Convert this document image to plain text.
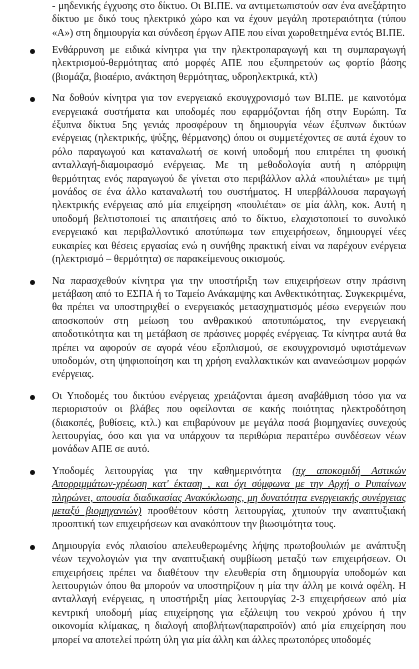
- μηδενικής έγχυσης στο δίκτυο. Οι ΒΙ.ΠΕ. να αντιμετωπιστούν σαν ένα ανεξάρτητο δίκτυο με δικό τους ηλεκτρικό χώρο και να έχουν μεγάλη προτεραιότητα (τύπου «Α») στη δημιουργία και σύνδεση έργων ΑΠΕ που είναι χωροθετημένα εντός ΒΙ.ΠΕ.
Ενθάρρυνση με ειδικά κίνητρα για την ηλεκτροπαραγωγή και τη συμπαραγωγή ηλεκτρισμού-θερμότητας από μορφές ΑΠΕ που εξυπηρετούν ως φορτίο βάσης (βιομάζα, βιοαέριο, ανάκτηση θερμότητας, υδροηλεκτρικά, κτλ)
Να δοθούν κίνητρα για τον ενεργειακό εκσυγχρονισμό των ΒΙ.ΠΕ. με καινοτόμα ενεργειακά συστήματα και υποδομές που εφαρμόζονται ήδη στην Ευρώπη. Τα έξυπνα δίκτυα 5ης γενιάς προσφέρουν τη δημιουργία νέων έξυπνων δικτύων ενέργειας (ηλεκτρικής, ψύξης, θέρμανσης) όπου οι συμμετέχοντες σε αυτά έχουν το ρόλο παραγωγού και καταναλωτή σε κοινή υποδομή που επιτρέπει τη φυσική ανταλλαγή-διαμοιρασμό ενέργειας. Με τη μεθοδολογία αυτή η απόρριψη θερμότητας ενός παραγωγού δε γίνεται στο περιβάλλον αλλά «πουλιέται» με τιμή μονάδος σε ένα άλλο καταναλωτή του συστήματος. Η υπερβάλλουσα παραγωγή ηλεκτρικής ενέργειας από μία επιχείρηση «πουλιέται» σε μία άλλη, κοκ. Αυτή η υποδομή βελτιστοποιεί τις απαιτήσεις από το δίκτυο, ελαχιστοποιεί το συνολικό ενεργειακό και περιβαλλοντικό αποτύπωμα των επιχειρήσεων, δημιουργεί νέες ευκαιρίες και θέσεις εργασίας ενώ η συνήθης πρακτική είναι να παρέχουν ενέργεια (ηλεκτρισμό – θερμότητα) σε παρακείμενους οικισμούς.
Να παρασχεθούν κίνητρα για την υποστήριξη των επιχειρήσεων στην πράσινη μετάβαση από το ΕΣΠΑ ή το Ταμείο Ανάκαμψης και Ανθεκτικότητας. Συγκεκριμένα, θα πρέπει να υποστηριχθεί ο ενεργειακός μετασχηματισμός μέσω ενεργειών που αποσκοπούν στη μείωση του ανθρακικού αποτυπώματος, την ενεργειακή αποδοτικότητα και τη μετάβαση σε πράσινες μορφές ενέργειας. Τα κίνητρα αυτά θα πρέπει να αφορούν σε αγορά νέου εξοπλισμού, σε εκσυγχρονισμό υφιστάμενων υποδομών, στη ψηφιοποίηση και τη χρήση εναλλακτικών και ανανεώσιμων μορφών ενέργειας.
Οι Υποδομές του δικτύου ενέργειας χρειάζονται άμεση αναβάθμιση τόσο για να περιοριστούν οι βλάβες που οφείλονται σε κακής ποιότητας ηλεκτροδότηση (διακοπές, βυθίσεις, κτλ.) και επιβαρύνουν με μεγάλα ποσά βιομηχανίες συνεχούς λειτουργίας, όσο και για να υπάρχουν τα περιθώρια περαιτέρω συνδέσεων νέων μονάδων ΑΠΕ σε αυτό.
Υποδομές λειτουργίας για την καθημερινότητα (πχ αποκομιδή Αστικών Απορριμμάτων-χρέωση κατ' έκταση , και όχι σύμφωνα με την Αρχή ο Ρυπαίνων πληρώνει, απουσία διαδικασίας Ανακύκλωσης, μη δυνατότητα ενεργειακής συνέργειας μεταξύ βιομηχανιών) προσθέτουν κόστη λειτουργίας, χτυπούν την αναπτυξιακή προοπτική των επιχειρήσεων και ανακόπτουν την βιωσιμότητα τους.
Δημιουργία ενός πλαισίου απελευθερωμένης λήψης πρωτοβουλιών με ανάπτυξη νέων τεχνολογιών για την αναπτυξιακή συμβίωση μεταξύ των επιχειρήσεων. Οι επιχειρήσεις πρέπει να διαθέτουν την ελευθερία στη δημιουργία υποδομών και λειτουργιών όπου θα μπορούν να υποστηρίζουν η μία την άλλη με κοινά οφέλη. Η ανταλλαγή ενέργειας, η υποστήριξη μίας λειτουργίας 2-3 επιχειρήσεων από μία κεντρική υποδομή μίας επιχείρησης για εξάλειψη του νεκρού χρόνου ή την οικονομία κλίμακας, η διαλογή αποβλήτων(παραπροϊόν) από μία επιχείρηση που μπορεί να αποτελεί πρώτη ύλη για μία άλλη και άλλες πρωτοπόρες υποδομές
